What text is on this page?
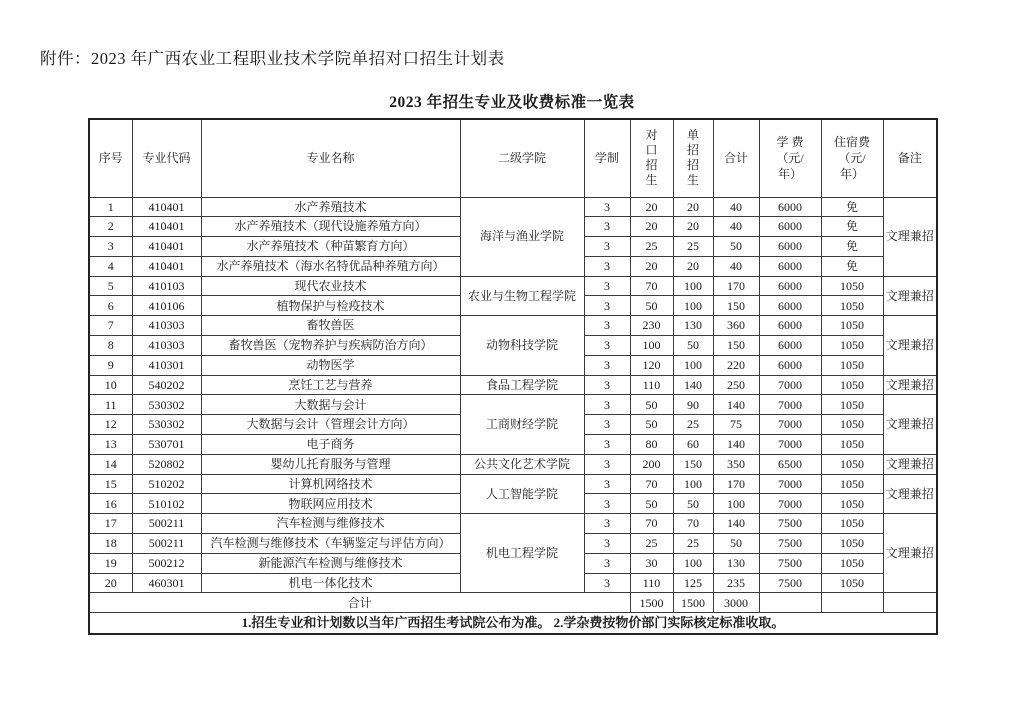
附件：2023 年广西农业工程职业技术学院单招对口招生计划表
2023 年招生专业及收费标准一览表
序号	专业代码	专业名称	二级学院	学制	对口招生	单招招生	合计	学 费（元/年）	住宿费（元/年）	备注
1	410401	水产养殖技术	海洋与渔业学院	3	20	20	40	6000	免	文理兼招
2	410401	水产养殖技术（现代设施养殖方向）		3	20	20	40	6000	免	
3	410401	水产养殖技术（种苗繁育方向）		3	25	25	50	6000	免	
4	410401	水产养殖技术（海水名特优品种养殖方向）		3	20	20	40	6000	免	
5	410103	现代农业技术	农业与生物工程学院	3	70	100	170	6000	1050	文理兼招
6	410106	植物保护与检疫技术		3	50	100	150	6000	1050	
7	410303	畜牧兽医	动物科技学院	3	230	130	360	6000	1050	文理兼招
8	410303	畜牧兽医（宠物养护与疾病防治方向）		3	100	50	150	6000	1050	
9	410301	动物医学		3	120	100	220	6000	1050	
10	540202	烹饪工艺与营养	食品工程学院	3	110	140	250	7000	1050	文理兼招
11	530302	大数据与会计	工商财经学院	3	50	90	140	7000	1050	文理兼招
12	530302	大数据与会计（管理会计方向）		3	50	25	75	7000	1050	
13	530701	电子商务		3	80	60	140	7000	1050	
14	520802	婴幼儿托育服务与管理	公共文化艺术学院	3	200	150	350	6500	1050	文理兼招
15	510202	计算机网络技术	人工智能学院	3	70	100	170	7000	1050	文理兼招
16	510102	物联网应用技术		3	50	50	100	7000	1050	
17	500211	汽车检测与维修技术	机电工程学院	3	70	70	140	7500	1050	文理兼招
18	500211	汽车检测与维修技术（车辆鉴定与评估方向）		3	25	25	50	7500	1050	
19	500212	新能源汽车检测与维修技术		3	30	100	130	7500	1050	
20	460301	机电一体化技术		3	110	125	235	7500	1050	
合计					1500	1500	3000			
1.招生专业和计划数以当年广西招生考试院公布为准。 2.学杂费按物价部门实际核定标准收取。										
